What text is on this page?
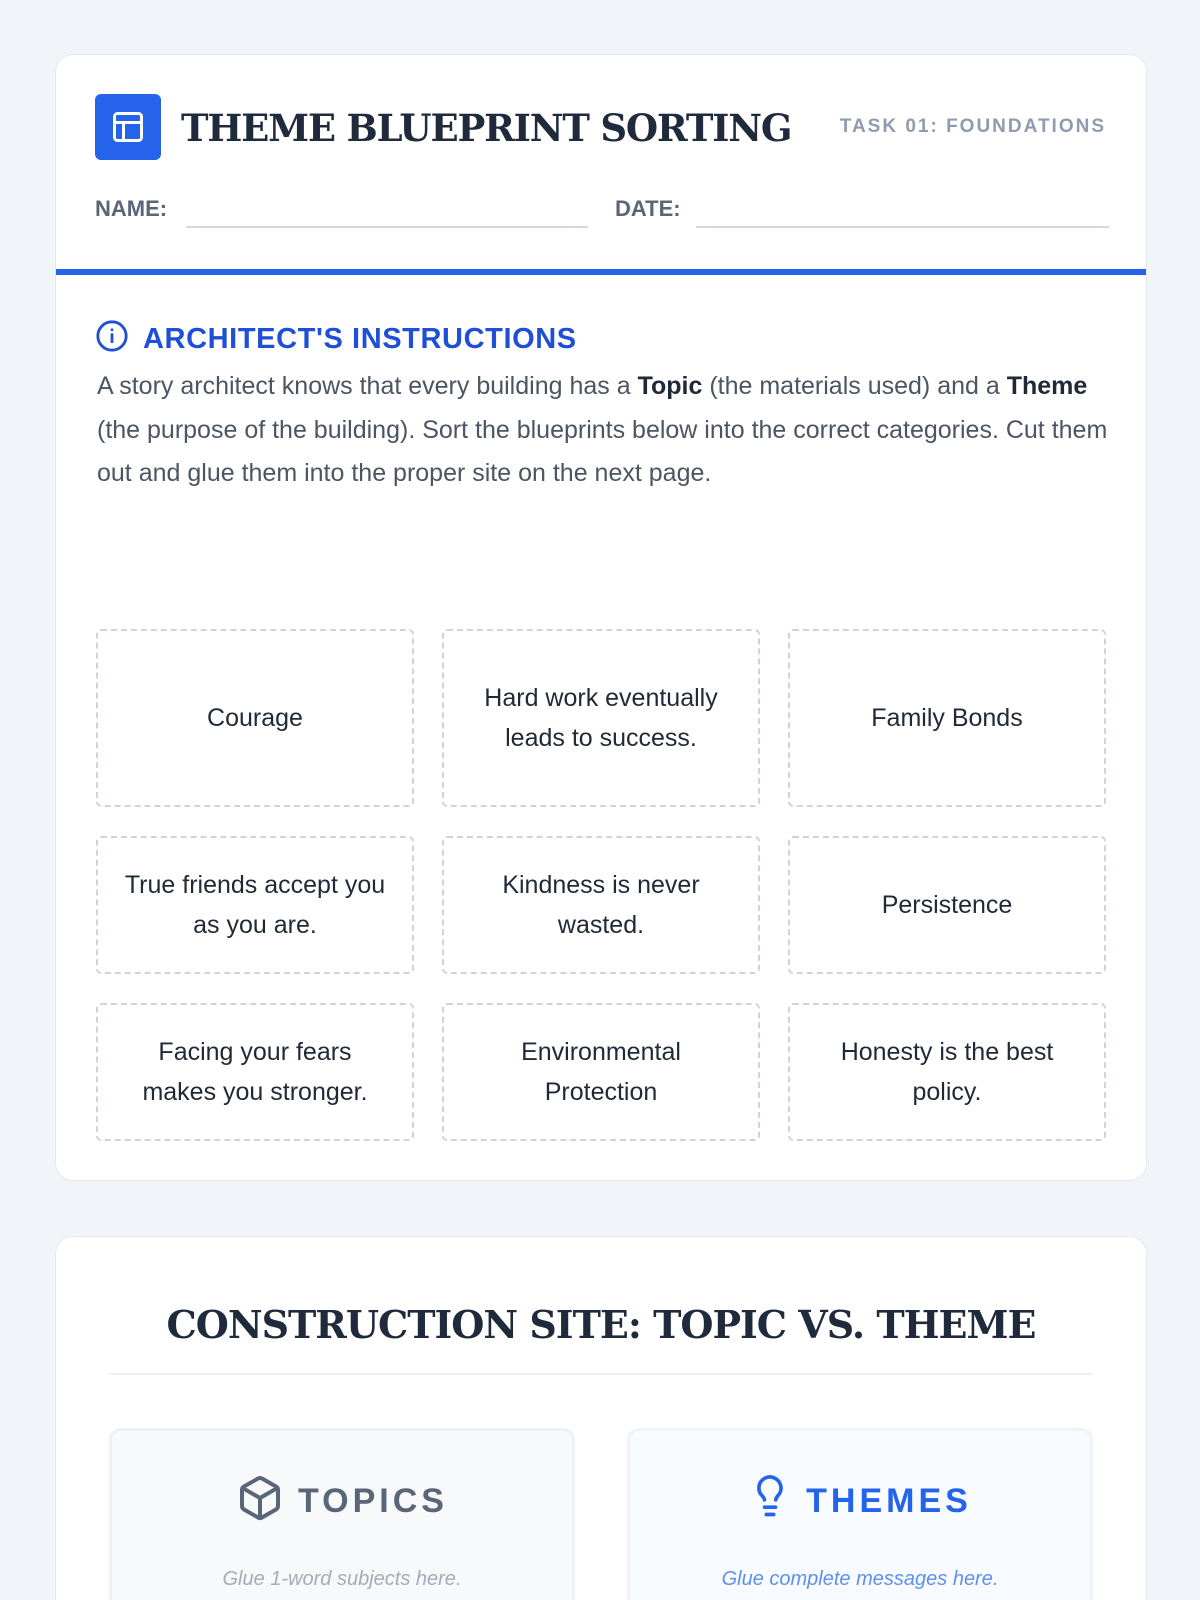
THEME BLUEPRINT SORTING	TASK 01: FOUNDATIONS
NAME:	DATE:
ARCHITECT'S INSTRUCTIONS

A story architect knows that every building has a Topic (the materials used) and a Theme (the purpose of the building). Sort the blueprints below into the correct categories. Cut them out and glue them into the proper site on the next page.

Courage
Hard work eventually leads to success.
Family Bonds
True friends accept you as you are.
Kindness is never wasted.
Persistence
Facing your fears makes you stronger.
Environmental Protection
Honesty is the best policy.
CONSTRUCTION SITE: TOPIC VS. THEME
TOPICS
Glue 1-word subjects here.
THEMES
Glue complete messages here.
